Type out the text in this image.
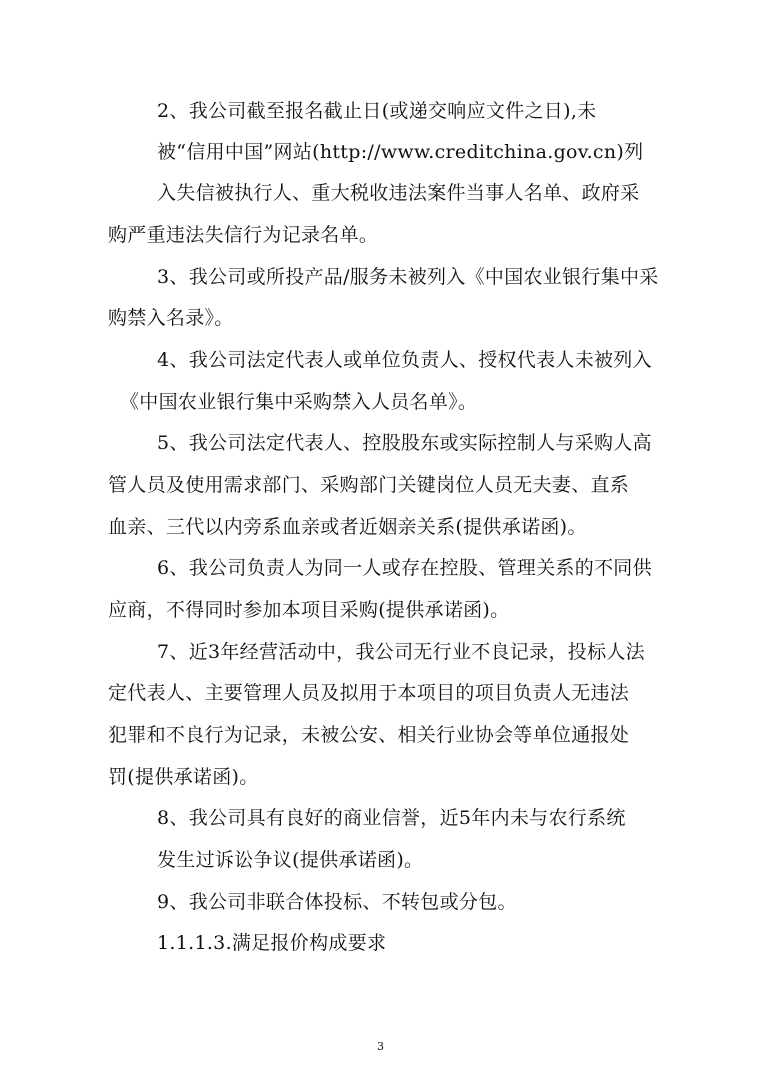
2、我公司截至报名截止日(或递交响应文件之日),未
被“信用中国”网站(http://www.creditchina.gov.cn)列
入失信被执行人、重大税收违法案件当事人名单、政府采
购严重违法失信行为记录名单。
3、我公司或所投产品/服务未被列入《中国农业银行集中采
购禁入名录》。
4、我公司法定代表人或单位负责人、授权代表人未被列入
《中国农业银行集中采购禁入人员名单》。
5、我公司法定代表人、控股股东或实际控制人与采购人高
管人员及使用需求部门、采购部门关键岗位人员无夫妻、直系
血亲、三代以内旁系血亲或者近姻亲关系(提供承诺函)。
6、我公司负责人为同一人或存在控股、管理关系的不同供
应商，不得同时参加本项目采购(提供承诺函)。
7、近3年经营活动中，我公司无行业不良记录，投标人法
定代表人、主要管理人员及拟用于本项目的项目负责人无违法
犯罪和不良行为记录，未被公安、相关行业协会等单位通报处
罚(提供承诺函)。
8、我公司具有良好的商业信誉，近5年内未与农行系统
发生过诉讼争议(提供承诺函)。
9、我公司非联合体投标、不转包或分包。
1.1.1.3.满足报价构成要求
3
